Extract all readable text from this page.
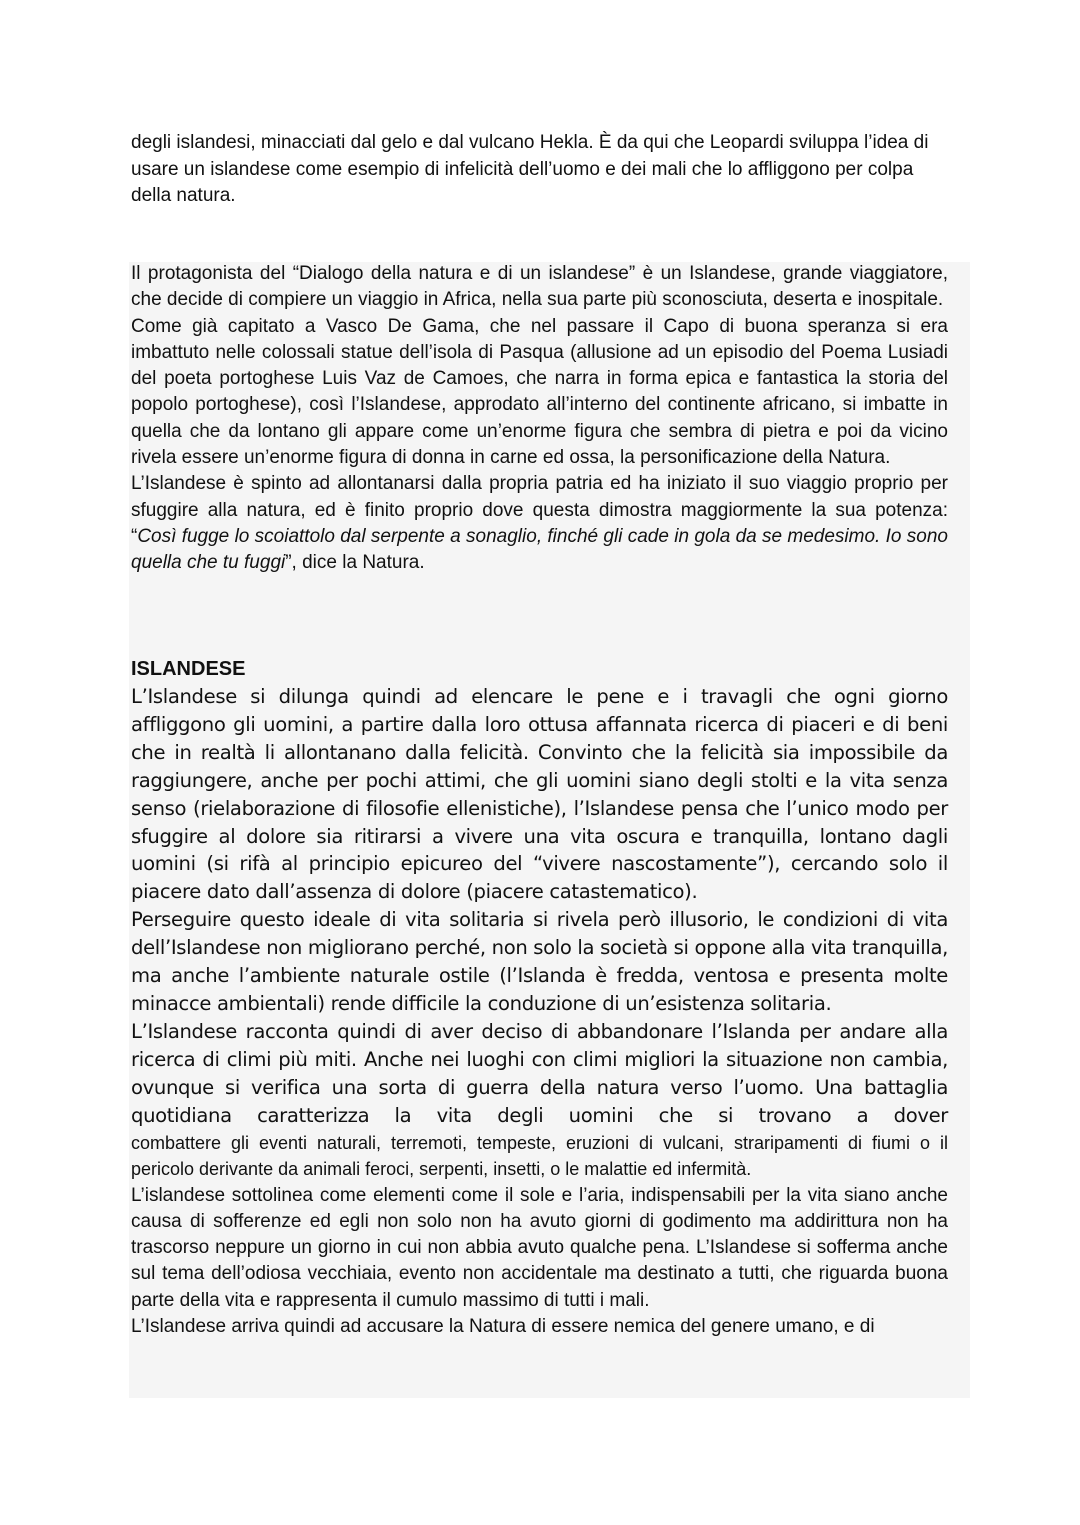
degli islandesi, minacciati dal gelo e dal vulcano Hekla. È da qui che Leopardi sviluppa l’idea di usare un islandese come esempio di infelicità dell’uomo e dei mali che lo affliggono per colpa della natura.

Il protagonista del “Dialogo della natura e di un islandese” è un Islandese, grande viaggiatore, che decide di compiere un viaggio in Africa, nella sua parte più sconosciuta, deserta e inospitale.

Come già capitato a Vasco De Gama, che nel passare il Capo di buona speranza si era imbattuto nelle colossali statue dell’isola di Pasqua (allusione ad un episodio del Poema Lusiadi del poeta portoghese Luis Vaz de Camoes, che narra in forma epica e fantastica la storia del popolo portoghese), così l’Islandese, approdato all’interno del continente africano, si imbatte in quella che da lontano gli appare come un’enorme figura che sembra di pietra e poi da vicino rivela essere un’enorme figura di donna in carne ed ossa, la personificazione della Natura.

L’Islandese è spinto ad allontanarsi dalla propria patria ed ha iniziato il suo viaggio proprio per sfuggire alla natura, ed è finito proprio dove questa dimostra maggiormente la sua potenza: “Così fugge lo scoiattolo dal serpente a sonaglio, finché gli cade in gola da se medesimo. Io sono quella che tu fuggi”, dice la Natura.

ISLANDESE

L’Islandese si dilunga quindi ad elencare le pene e i travagli che ogni giorno affliggono gli uomini, a partire dalla loro ottusa affannata ricerca di piaceri e di beni che in realtà li allontanano dalla felicità. Convinto che la felicità sia impossibile da raggiungere, anche per pochi attimi, che gli uomini siano degli stolti e la vita senza senso (rielaborazione di filosofie ellenistiche), l’Islandese pensa che l’unico modo per sfuggire al dolore sia ritirarsi a vivere una vita oscura e tranquilla, lontano dagli uomini (si rifà al principio epicureo del “vivere nascostamente”), cercando solo il piacere dato dall’assenza di dolore (piacere catastematico).

Perseguire questo ideale di vita solitaria si rivela però illusorio, le condizioni di vita dell’Islandese non migliorano perché, non solo la società si oppone alla vita tranquilla, ma anche l’ambiente naturale ostile (l’Islanda è fredda, ventosa e presenta molte minacce ambientali) rende difficile la conduzione di un’esistenza solitaria.

L’Islandese racconta quindi di aver deciso di abbandonare l’Islanda per andare alla ricerca di climi più miti. Anche nei luoghi con climi migliori la situazione non cambia, ovunque si verifica una sorta di guerra della natura verso l’uomo. Una battaglia quotidiana caratterizza la vita degli uomini che si trovano a dover

combattere gli eventi naturali, terremoti, tempeste, eruzioni di vulcani, straripamenti di fiumi o il pericolo derivante da animali feroci, serpenti, insetti, o le malattie ed infermità.

L’islandese sottolinea come elementi come il sole e l’aria, indispensabili per la vita siano anche causa di sofferenze ed egli non solo non ha avuto giorni di godimento ma addirittura non ha trascorso neppure un giorno in cui non abbia avuto qualche pena. L’Islandese si sofferma anche sul tema dell’odiosa vecchiaia, evento non accidentale ma destinato a tutti, che riguarda buona parte della vita e rappresenta il cumulo massimo di tutti i mali.

L’Islandese arriva quindi ad accusare la Natura di essere nemica del genere umano, e di
